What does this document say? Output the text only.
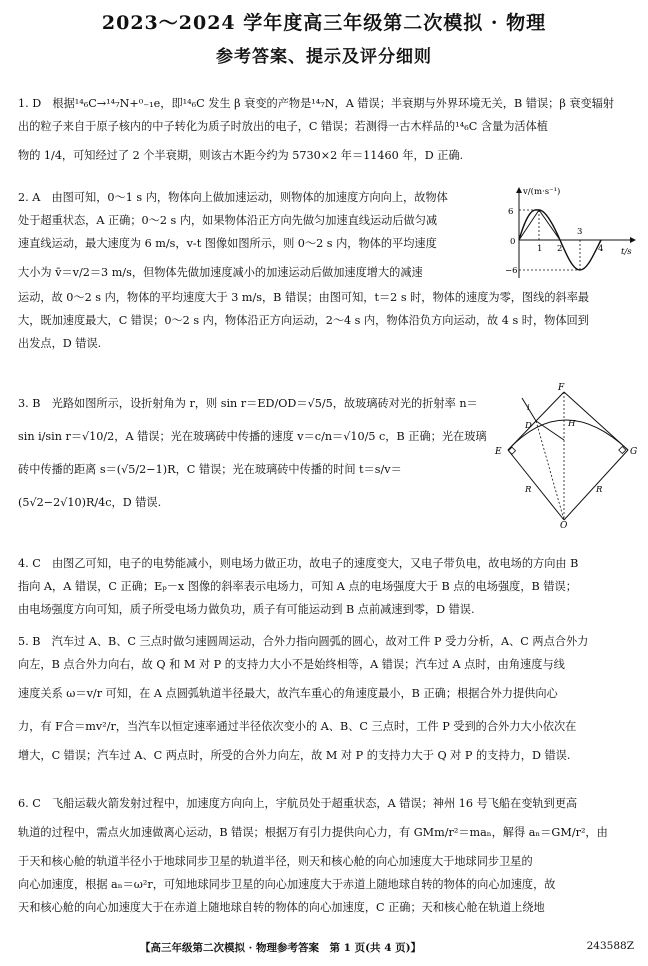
2023～2024 学年度高三年级第二次模拟 · 物理
参考答案、提示及评分细则
1. D　根据¹⁴₆C→¹⁴₇N+⁰₋₁e，即¹⁴₆C 发生 β 衰变的产物是¹⁴₇N，A 错误；半衰期与外界环境无关，B 错误；β 衰变辐射
出的粒子来自于原子核内的中子转化为质子时放出的电子，C 错误；若测得一古木样品的¹⁴₆C 含量为活体植
物的 1/4，可知经过了 2 个半衰期，则该古木距今约为 5730×2 年＝11460 年，D 正确.
2. A　由图可知，0～1 s 内，物体向上做加速运动，则物体的加速度方向向上，故物体
处于超重状态，A 正确；0～2 s 内，如果物体沿正方向先做匀加速直线运动后做匀减
速直线运动，最大速度为 6 m/s，v-t 图像如图所示，则 0～2 s 内，物体的平均速度
大小为 v̄＝v/2＝3 m/s，但物体先做加速度减小的加速运动后做加速度增大的减速
运动，故 0～2 s 内，物体的平均速度大于 3 m/s，B 错误；由图可知，t＝2 s 时，物体的速度为零，图线的斜率最
大，既加速度最大，C 错误；0～2 s 内，物体沿正方向运动，2～4 s 内，物体沿负方向运动，故 4 s 时，物体回到
出发点，D 错误.
v/(m·s⁻¹)
t/s
6
0
−6
1 2
3
4
3. B　光路如图所示，设折射角为 r，则 sin r＝ED/OD＝√5/5，故玻璃砖对光的折射率 n＝
sin i/sin r＝√10/2，A 错误；光在玻璃砖中传播的速度 v＝c/n＝√10/5 c，B 正确；光在玻璃
砖中传播的距离 s＝(√5/2−1)R，C 错误；光在玻璃砖中传播的时间 t＝s/v＝
(5√2−2√10)R/4c，D 错误.
F
i
D	H
E	G
R	R
O
4. C　由图乙可知，电子的电势能减小，则电场力做正功，故电子的速度变大，又电子带负电，故电场的方向由 B
指向 A，A 错误，C 正确；Eₚ－x 图像的斜率表示电场力，可知 A 点的电场强度大于 B 点的电场强度，B 错误；
由电场强度方向可知，质子所受电场力做负功，质子有可能运动到 B 点前减速到零，D 错误.
5. B　汽车过 A、B、C 三点时做匀速圆周运动，合外力指向圆弧的圆心，故对工件 P 受力分析，A、C 两点合外力
向左，B 点合外力向右，故 Q 和 M 对 P 的支持力大小不是始终相等，A 错误；汽车过 A 点时，由角速度与线
速度关系 ω＝v/r 可知，在 A 点圆弧轨道半径最大，故汽车重心的角速度最小，B 正确；根据合外力提供向心
力，有 F合＝mv²/r，当汽车以恒定速率通过半径依次变小的 A、B、C 三点时，工件 P 受到的合外力大小依次在
增大，C 错误；汽车过 A、C 两点时，所受的合外力向左，故 M 对 P 的支持力大于 Q 对 P 的支持力，D 错误.
6. C　飞船运载火箭发射过程中，加速度方向向上，宇航员处于超重状态，A 错误；神州 16 号飞船在变轨到更高
轨道的过程中，需点火加速做离心运动，B 错误；根据万有引力提供向心力，有 GMm/r²＝maₙ，解得 aₙ＝GM/r²，由
于天和核心舱的轨道半径小于地球同步卫星的轨道半径，则天和核心舱的向心加速度大于地球同步卫星的
向心加速度，根据 aₙ＝ω²r，可知地球同步卫星的向心加速度大于赤道上随地球自转的物体的向心加速度，故
天和核心舱的向心加速度大于在赤道上随地球自转的物体的向心加速度，C 正确；天和核心舱在轨道上绕地
【高三年级第二次模拟 · 物理参考答案　第 1 页(共 4 页)】	243588Z
